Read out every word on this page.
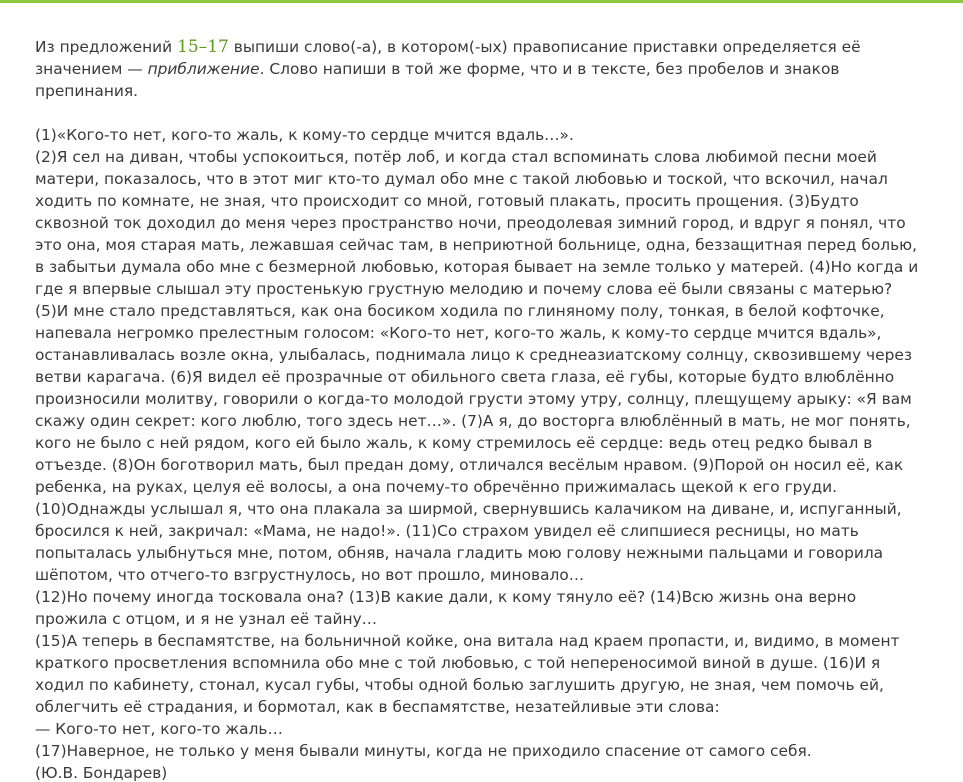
Из предложений 15–17 выпиши слово(-а), в котором(-ых) правописание приставки определяется её значением — приближение. Слово напиши в той же форме, что и в тексте, без пробелов и знаков препинания.

(1)«Кого-то нет, кого-то жаль, к кому-то сердце мчится вдаль…».
(2)Я сел на диван, чтобы успокоиться, потёр лоб, и когда стал вспоминать слова любимой песни моей матери, показалось, что в этот миг кто-то думал обо мне с такой любовью и тоской, что вскочил, начал ходить по комнате, не зная, что происходит со мной, готовый плакать, просить прощения. (3)Будто сквозной ток доходил до меня через пространство ночи, преодолевая зимний город, и вдруг я понял, что это она, моя старая мать, лежавшая сейчас там, в неприютной больнице, одна, беззащитная перед болью, в забытьи думала обо мне с безмерной любовью, которая бывает на земле только у матерей. (4)Но когда и где я впервые слышал эту простенькую грустную мелодию и почему слова её были связаны с матерью?
(5)И мне стало представляться, как она босиком ходила по глиняному полу, тонкая, в белой кофточке, напевала негромко прелестным голосом: «Кого-то нет, кого-то жаль, к кому-то сердце мчится вдаль», останавливалась возле окна, улыбалась, поднимала лицо к среднеазиатскому солнцу, сквозившему через ветви карагача. (6)Я видел её прозрачные от обильного света глаза, её губы, которые будто влюблённо произносили молитву, говорили о когда-то молодой грусти этому утру, солнцу, плещущему арыку: «Я вам скажу один секрет: кого люблю, того здесь нет…». (7)А я, до восторга влюблённый в мать, не мог понять, кого не было с ней рядом, кого ей было жаль, к кому стремилось её сердце: ведь отец редко бывал в отъезде. (8)Он боготворил мать, был предан дому, отличался весёлым нравом. (9)Порой он носил её, как ребенка, на руках, целуя её волосы, а она почему-то обречённо прижималась щекой к его груди.
(10)Однажды услышал я, что она плакала за ширмой, свернувшись калачиком на диване, и, испуганный, бросился к ней, закричал: «Мама, не надо!». (11)Со страхом увидел её слипшиеся ресницы, но мать попыталась улыбнуться мне, потом, обняв, начала гладить мою голову нежными пальцами и говорила шёпотом, что отчего-то взгрустнулось, но вот прошло, миновало…
(12)Но почему иногда тосковала она? (13)В какие дали, к кому тянуло её? (14)Всю жизнь она верно прожила с отцом, и я не узнал её тайну…
(15)А теперь в беспамятстве, на больничной койке, она витала над краем пропасти, и, видимо, в момент краткого просветления вспомнила обо мне с той любовью, с той непереносимой виной в душе. (16)И я ходил по кабинету, стонал, кусал губы, чтобы одной болью заглушить другую, не зная, чем помочь ей, облегчить её страдания, и бормотал, как в беспамятстве, незатейливые эти слова:
— Кого-то нет, кого-то жаль…
(17)Наверное, не только у меня бывали минуты, когда не приходило спасение от самого себя.
(Ю.В. Бондарев)
